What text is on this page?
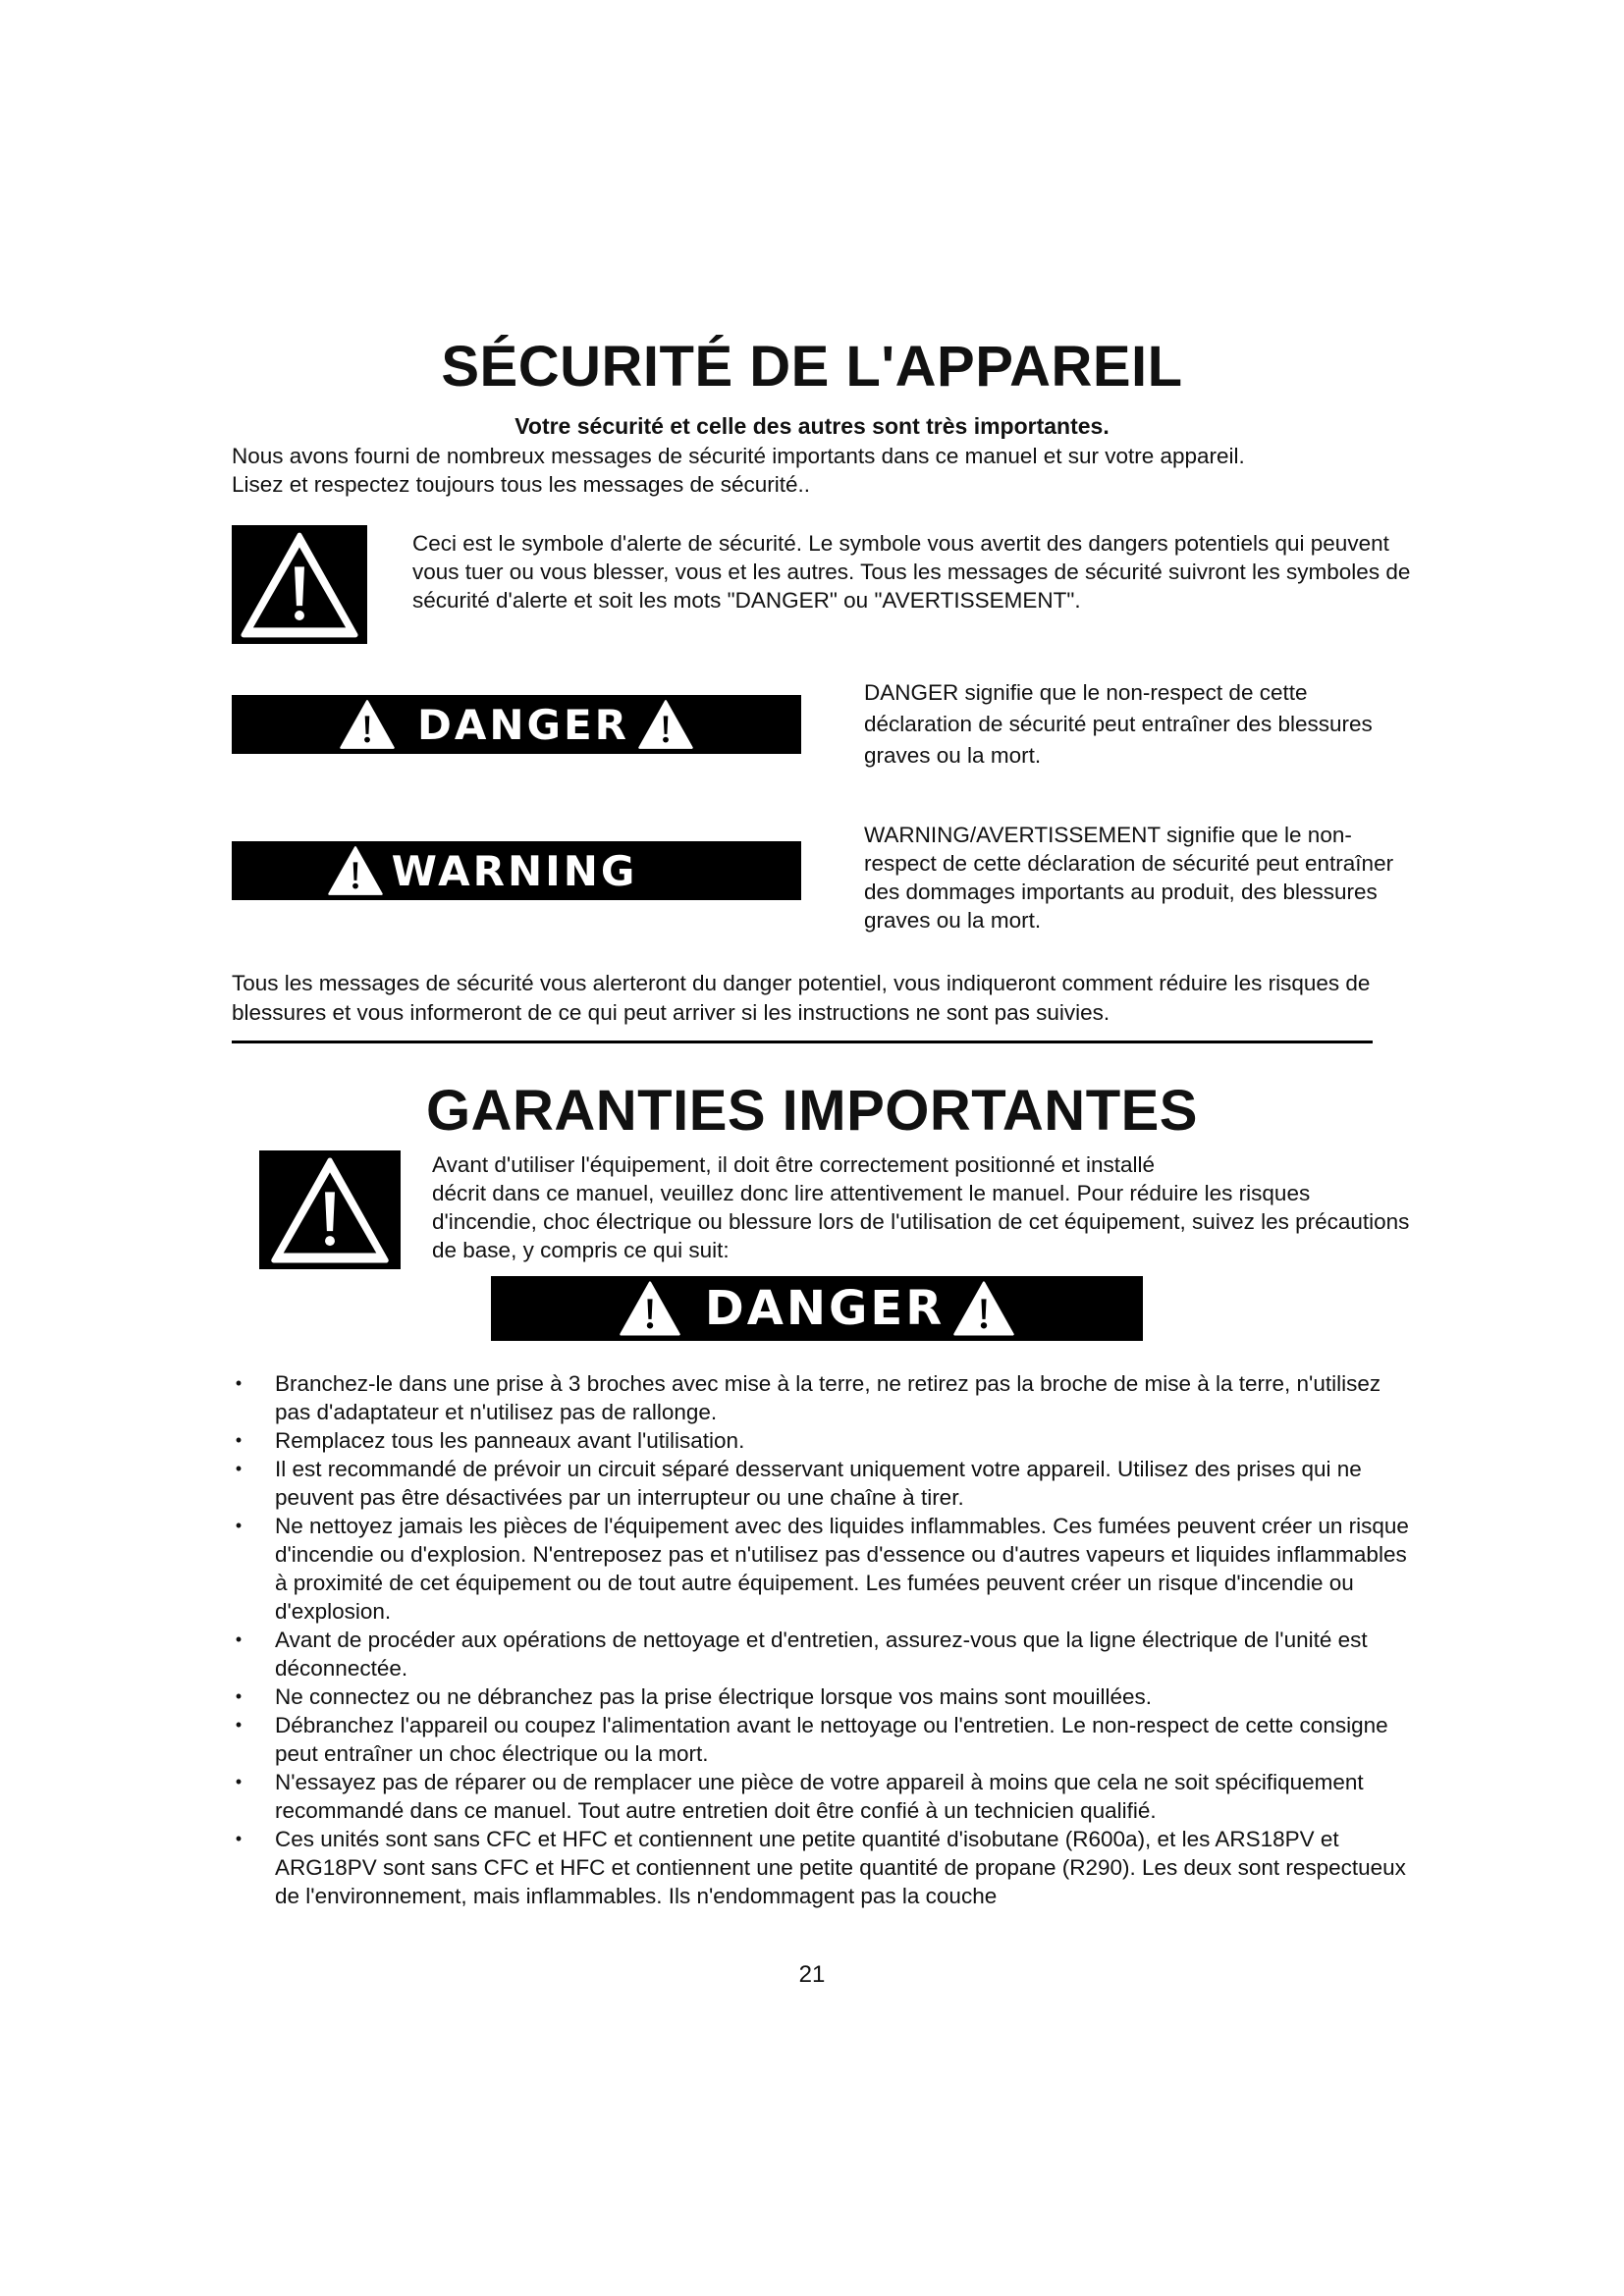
SÉCURITÉ DE L'APPAREIL
Votre sécurité et celle des autres sont très importantes.
Nous avons fourni de nombreux messages de sécurité importants dans ce manuel et sur votre appareil.
Lisez et respectez toujours tous les messages de sécurité..
Ceci est le symbole d'alerte de sécurité. Le symbole vous avertit des dangers potentiels qui peuvent vous tuer ou vous blesser, vous et les autres. Tous les messages de sécurité suivront les symboles de sécurité d'alerte et soit les mots "DANGER" ou "AVERTISSEMENT".
DANGER
DANGER signifie que le non-respect de cette déclaration de sécurité peut entraîner des blessures graves ou la mort.
WARNING
WARNING/AVERTISSEMENT signifie que le non-respect de cette déclaration de sécurité peut entraîner des dommages importants au produit, des blessures graves ou la mort.
Tous les messages de sécurité vous alerteront du danger potentiel, vous indiqueront comment réduire les risques de blessures et vous informeront de ce qui peut arriver si les instructions ne sont pas suivies.
GARANTIES IMPORTANTES
Avant d'utiliser l'équipement, il doit être correctement positionné et installé
décrit dans ce manuel, veuillez donc lire attentivement le manuel. Pour réduire les risques d'incendie, choc électrique ou blessure lors de l'utilisation de cet équipement, suivez les précautions de base, y compris ce qui suit:
DANGER
•	Branchez-le dans une prise à 3 broches avec mise à la terre, ne retirez pas la broche de mise à la terre, n'utilisez pas d'adaptateur et n'utilisez pas de rallonge.
•	Remplacez tous les panneaux avant l'utilisation.
•	Il est recommandé de prévoir un circuit séparé desservant uniquement votre appareil. Utilisez des prises qui ne peuvent pas être désactivées par un interrupteur ou une chaîne à tirer.
•	Ne nettoyez jamais les pièces de l'équipement avec des liquides inflammables. Ces fumées peuvent créer un risque d'incendie ou d'explosion. N'entreposez pas et n'utilisez pas d'essence ou d'autres vapeurs et liquides inflammables à proximité de cet équipement ou de tout autre équipement. Les fumées peuvent créer un risque d'incendie ou d'explosion.
•	Avant de procéder aux opérations de nettoyage et d'entretien, assurez-vous que la ligne électrique de l'unité est déconnectée.
•	Ne connectez ou ne débranchez pas la prise électrique lorsque vos mains sont mouillées.
•	Débranchez l'appareil ou coupez l'alimentation avant le nettoyage ou l'entretien. Le non-respect de cette consigne peut entraîner un choc électrique ou la mort.
•	N'essayez pas de réparer ou de remplacer une pièce de votre appareil à moins que cela ne soit spécifiquement recommandé dans ce manuel. Tout autre entretien doit être confié à un technicien qualifié.
•	Ces unités sont sans CFC et HFC et contiennent une petite quantité d'isobutane (R600a), et les ARS18PV et ARG18PV sont sans CFC et HFC et contiennent une petite quantité de propane (R290). Les deux sont respectueux de l'environnement, mais inflammables. Ils n'endommagent pas la couche
21
